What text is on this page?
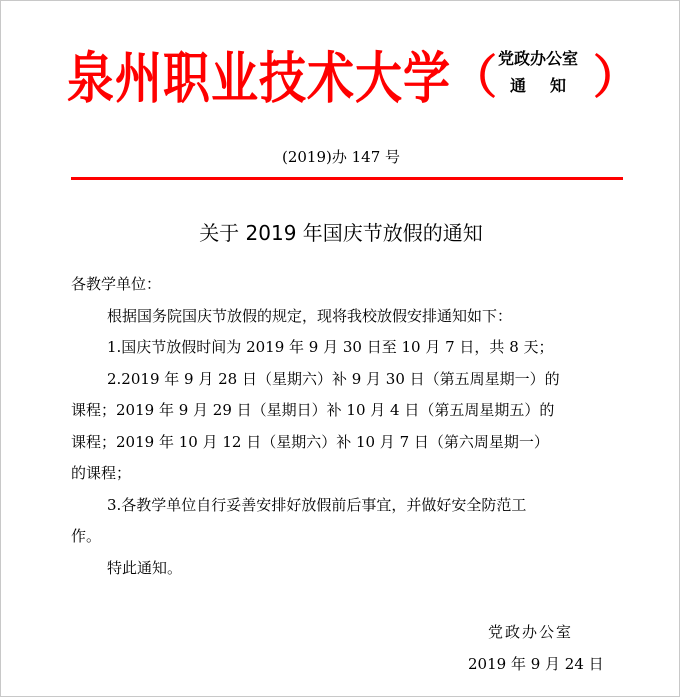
泉州职业技术大学 （ 党政办公室
通知 ）
(2019)办 147 号
关于 2019 年国庆节放假的通知
各教学单位：
根据国务院国庆节放假的规定，现将我校放假安排通知如下：
1.国庆节放假时间为 2019 年 9 月 30 日至 10 月 7 日，共 8 天；
2.2019 年 9 月 28 日（星期六）补 9 月 30 日（第五周星期一）的
课程；2019 年 9 月 29 日（星期日）补 10 月 4 日（第五周星期五）的
课程；2019 年 10 月 12 日（星期六）补 10 月 7 日（第六周星期一）
的课程；
3.各教学单位自行妥善安排好放假前后事宜，并做好安全防范工
作。
特此通知。
党政办公室
2019 年 9 月 24 日
